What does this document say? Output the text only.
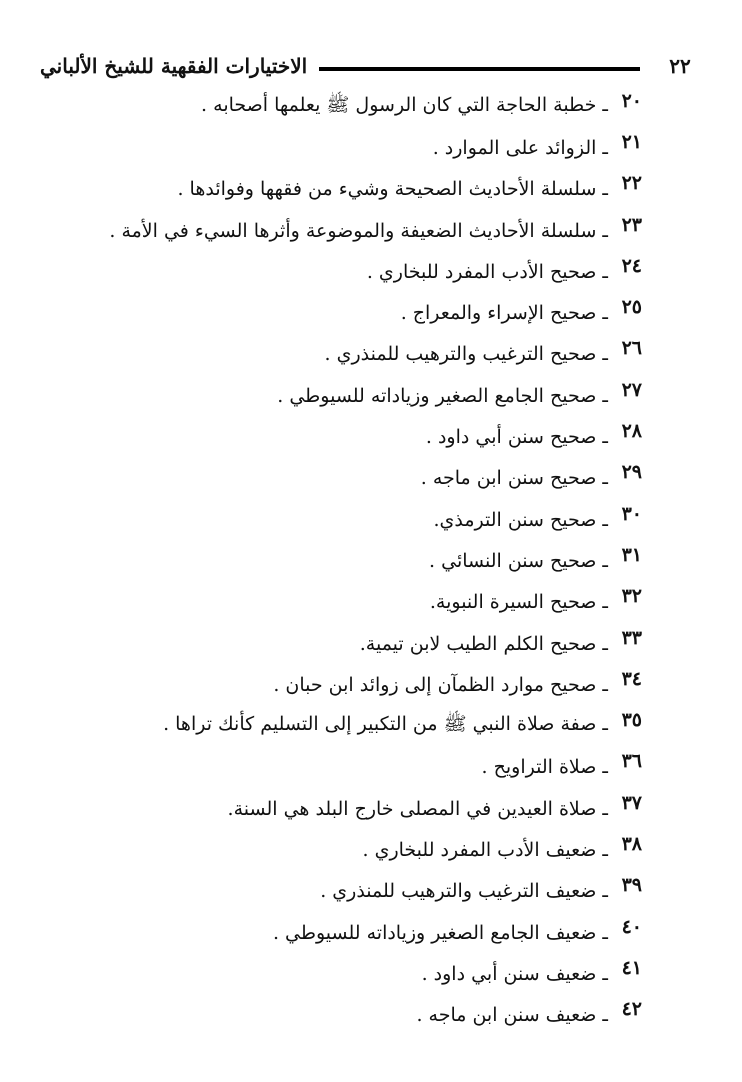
الاختيارات الفقهية للشيخ الألباني	٢٢
٢٠
ـ خطبة الحاجة التي كان الرسول ﷺ يعلمها أصحابه .
٢١
ـ الزوائد على الموارد .
٢٢
ـ سلسلة الأحاديث الصحيحة وشيء من فقهها وفوائدها .
٢٣
ـ سلسلة الأحاديث الضعيفة والموضوعة وأثرها السيء في الأمة .
٢٤
ـ صحيح الأدب المفرد للبخاري .
٢٥
ـ صحيح الإسراء والمعراج .
٢٦
ـ صحيح الترغيب والترهيب للمنذري .
٢٧
ـ صحيح الجامع الصغير وزياداته للسيوطي .
٢٨
ـ صحيح سنن أبي داود .
٢٩
ـ صحيح سنن ابن ماجه .
٣٠
ـ صحيح سنن الترمذي.
٣١
ـ صحيح سنن النسائي .
٣٢
ـ صحيح السيرة النبوية.
٣٣
ـ صحيح الكلم الطيب لابن تيمية.
٣٤
ـ صحيح موارد الظمآن إلى زوائد ابن حبان .
٣٥
ـ صفة صلاة النبي ﷺ من التكبير إلى التسليم كأنك تراها .
٣٦
ـ صلاة التراويح .
٣٧
ـ صلاة العيدين في المصلى خارج البلد هي السنة.
٣٨
ـ ضعيف الأدب المفرد للبخاري .
٣٩
ـ ضعيف الترغيب والترهيب للمنذري .
٤٠
ـ ضعيف الجامع الصغير وزياداته للسيوطي .
٤١
ـ ضعيف سنن أبي داود .
٤٢
ـ ضعيف سنن ابن ماجه .
